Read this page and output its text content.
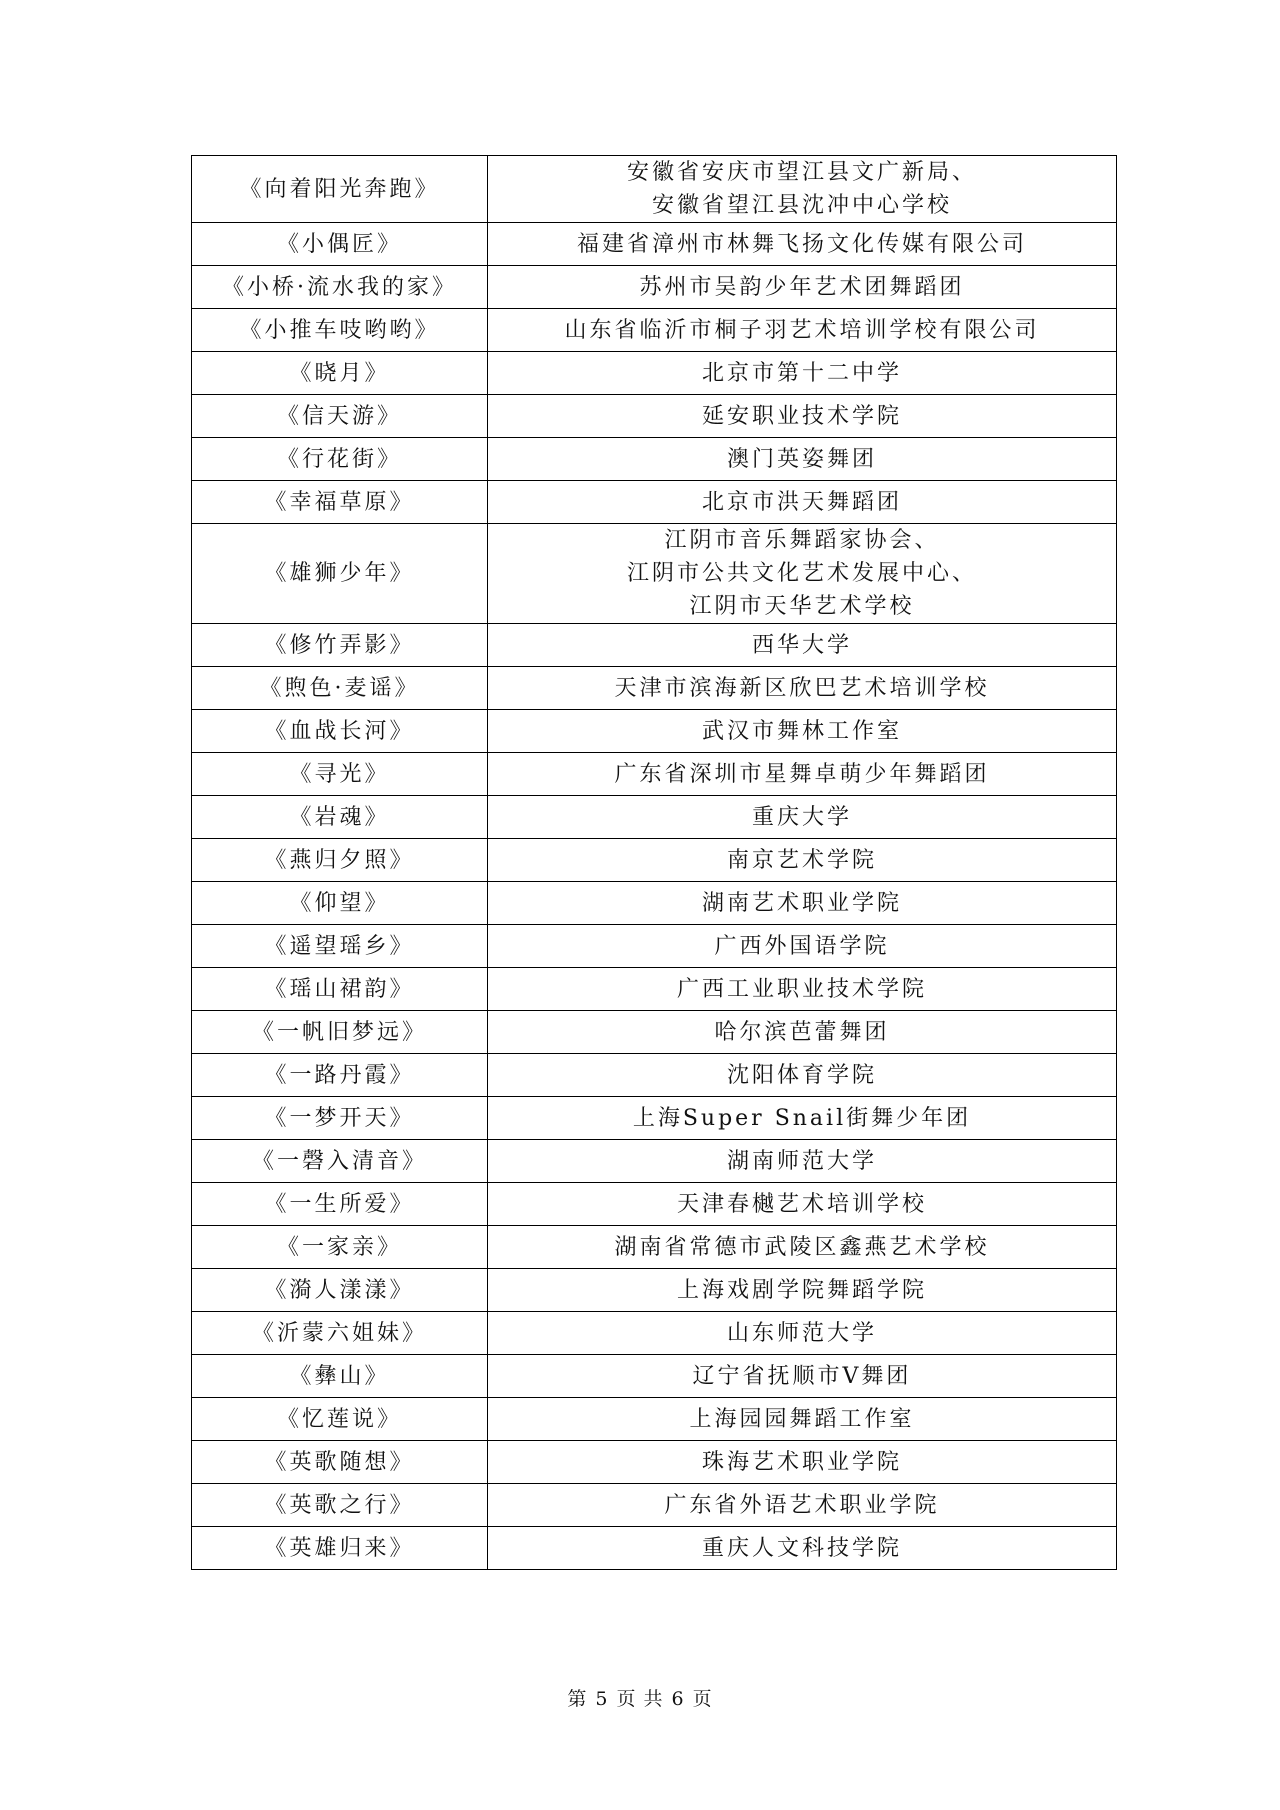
《向着阳光奔跑》	安徽省安庆市望江县文广新局、
安徽省望江县沈冲中心学校

《小偶匠》	福建省漳州市林舞飞扬文化传媒有限公司

《小桥·流水我的家》	苏州市吴韵少年艺术团舞蹈团

《小推车吱哟哟》	山东省临沂市桐子羽艺术培训学校有限公司

《晓月》	北京市第十二中学

《信天游》	延安职业技术学院

《行花街》	澳门英姿舞团

《幸福草原》	北京市洪天舞蹈团

《雄狮少年》	江阴市音乐舞蹈家协会、
江阴市公共文化艺术发展中心、
江阴市天华艺术学校

《修竹弄影》	西华大学

《煦色·麦谣》	天津市滨海新区欣巴艺术培训学校

《血战长河》	武汉市舞林工作室

《寻光》	广东省深圳市星舞卓萌少年舞蹈团

《岩魂》	重庆大学

《燕归夕照》	南京艺术学院

《仰望》	湖南艺术职业学院

《遥望瑶乡》	广西外国语学院

《瑶山裙韵》	广西工业职业技术学院

《一帆旧梦远》	哈尔滨芭蕾舞团

《一路丹霞》	沈阳体育学院

《一梦开天》	上海Super Snail街舞少年团

《一磬入清音》	湖南师范大学

《一生所爱》	天津春樾艺术培训学校

《一家亲》	湖南省常德市武陵区鑫燕艺术学校

《漪人漾漾》	上海戏剧学院舞蹈学院

《沂蒙六姐妹》	山东师范大学

《彝山》	辽宁省抚顺市V舞团

《忆莲说》	上海园园舞蹈工作室

《英歌随想》	珠海艺术职业学院

《英歌之行》	广东省外语艺术职业学院

《英雄归来》	重庆人文科技学院
第 5 页 共 6 页
